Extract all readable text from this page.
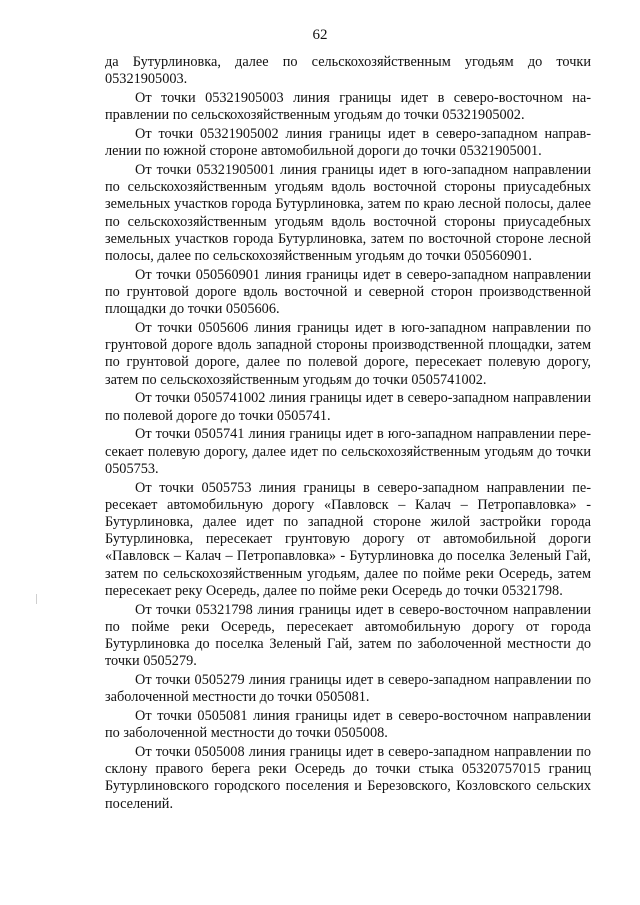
62

да Бутурлиновка, далее по сельскохозяйственным угодьям до точки 05321905003.

От точки 05321905003 линия границы идет в северо-восточном направлении по сельскохозяйственным угодьям до точки 05321905002.

От точки 05321905002 линия границы идет в северо-западном направлении по южной стороне автомобильной дороги до точки 05321905001.

От точки 05321905001 линия границы идет в юго-западном направлении по сельскохозяйственным угодьям вдоль восточной стороны приусадебных земельных участков города Бутурлиновка, затем по краю лесной полосы, далее по сельскохозяйственным угодьям вдоль восточной стороны приусадебных земельных участков города Бутурлиновка, затем по восточной стороне лесной полосы, далее по сельскохозяйственным угодьям до точки 050560901.

От точки 050560901 линия границы идет в северо-западном направлении по грунтовой дороге вдоль восточной и северной сторон производственной площадки до точки 0505606.

От точки 0505606 линия границы идет в юго-западном направлении по грунтовой дороге вдоль западной стороны производственной площадки, затем по грунтовой дороге, далее по полевой дороге, пересекает полевую дорогу, затем по сельскохозяйственным угодьям до точки 0505741002.

От точки 0505741002 линия границы идет в северо-западном направлении по полевой дороге до точки 0505741.

От точки 0505741 линия границы идет в юго-западном направлении пересекает полевую дорогу, далее идет по сельскохозяйственным угодьям до точки 0505753.

От точки 0505753 линия границы в северо-западном направлении пересекает автомобильную дорогу «Павловск – Калач – Петропавловка» - Бутурлиновка, далее идет по западной стороне жилой застройки города Бутурлиновка, пересекает грунтовую дорогу от автомобильной дороги «Павловск – Калач – Петропавловка» - Бутурлиновка до поселка Зеленый Гай, затем по сельскохозяйственным угодьям, далее по пойме реки Осередь, затем пересекает реку Осередь, далее по пойме реки Осередь до точки 05321798.

От точки 05321798 линия границы идет в северо-восточном направлении по пойме реки Осередь, пересекает автомобильную дорогу от города Бутурлиновка до поселка Зеленый Гай, затем по заболоченной местности до точки 0505279.

От точки 0505279 линия границы идет в северо-западном направлении по заболоченной местности до точки 0505081.

От точки 0505081 линия границы идет в северо-восточном направлении по заболоченной местности до точки 0505008.

От точки 0505008 линия границы идет в северо-западном направлении по склону правого берега реки Осередь до точки стыка 05320757015 границ Бутурлиновского городского поселения и Березовского, Козловского сельских поселений.
